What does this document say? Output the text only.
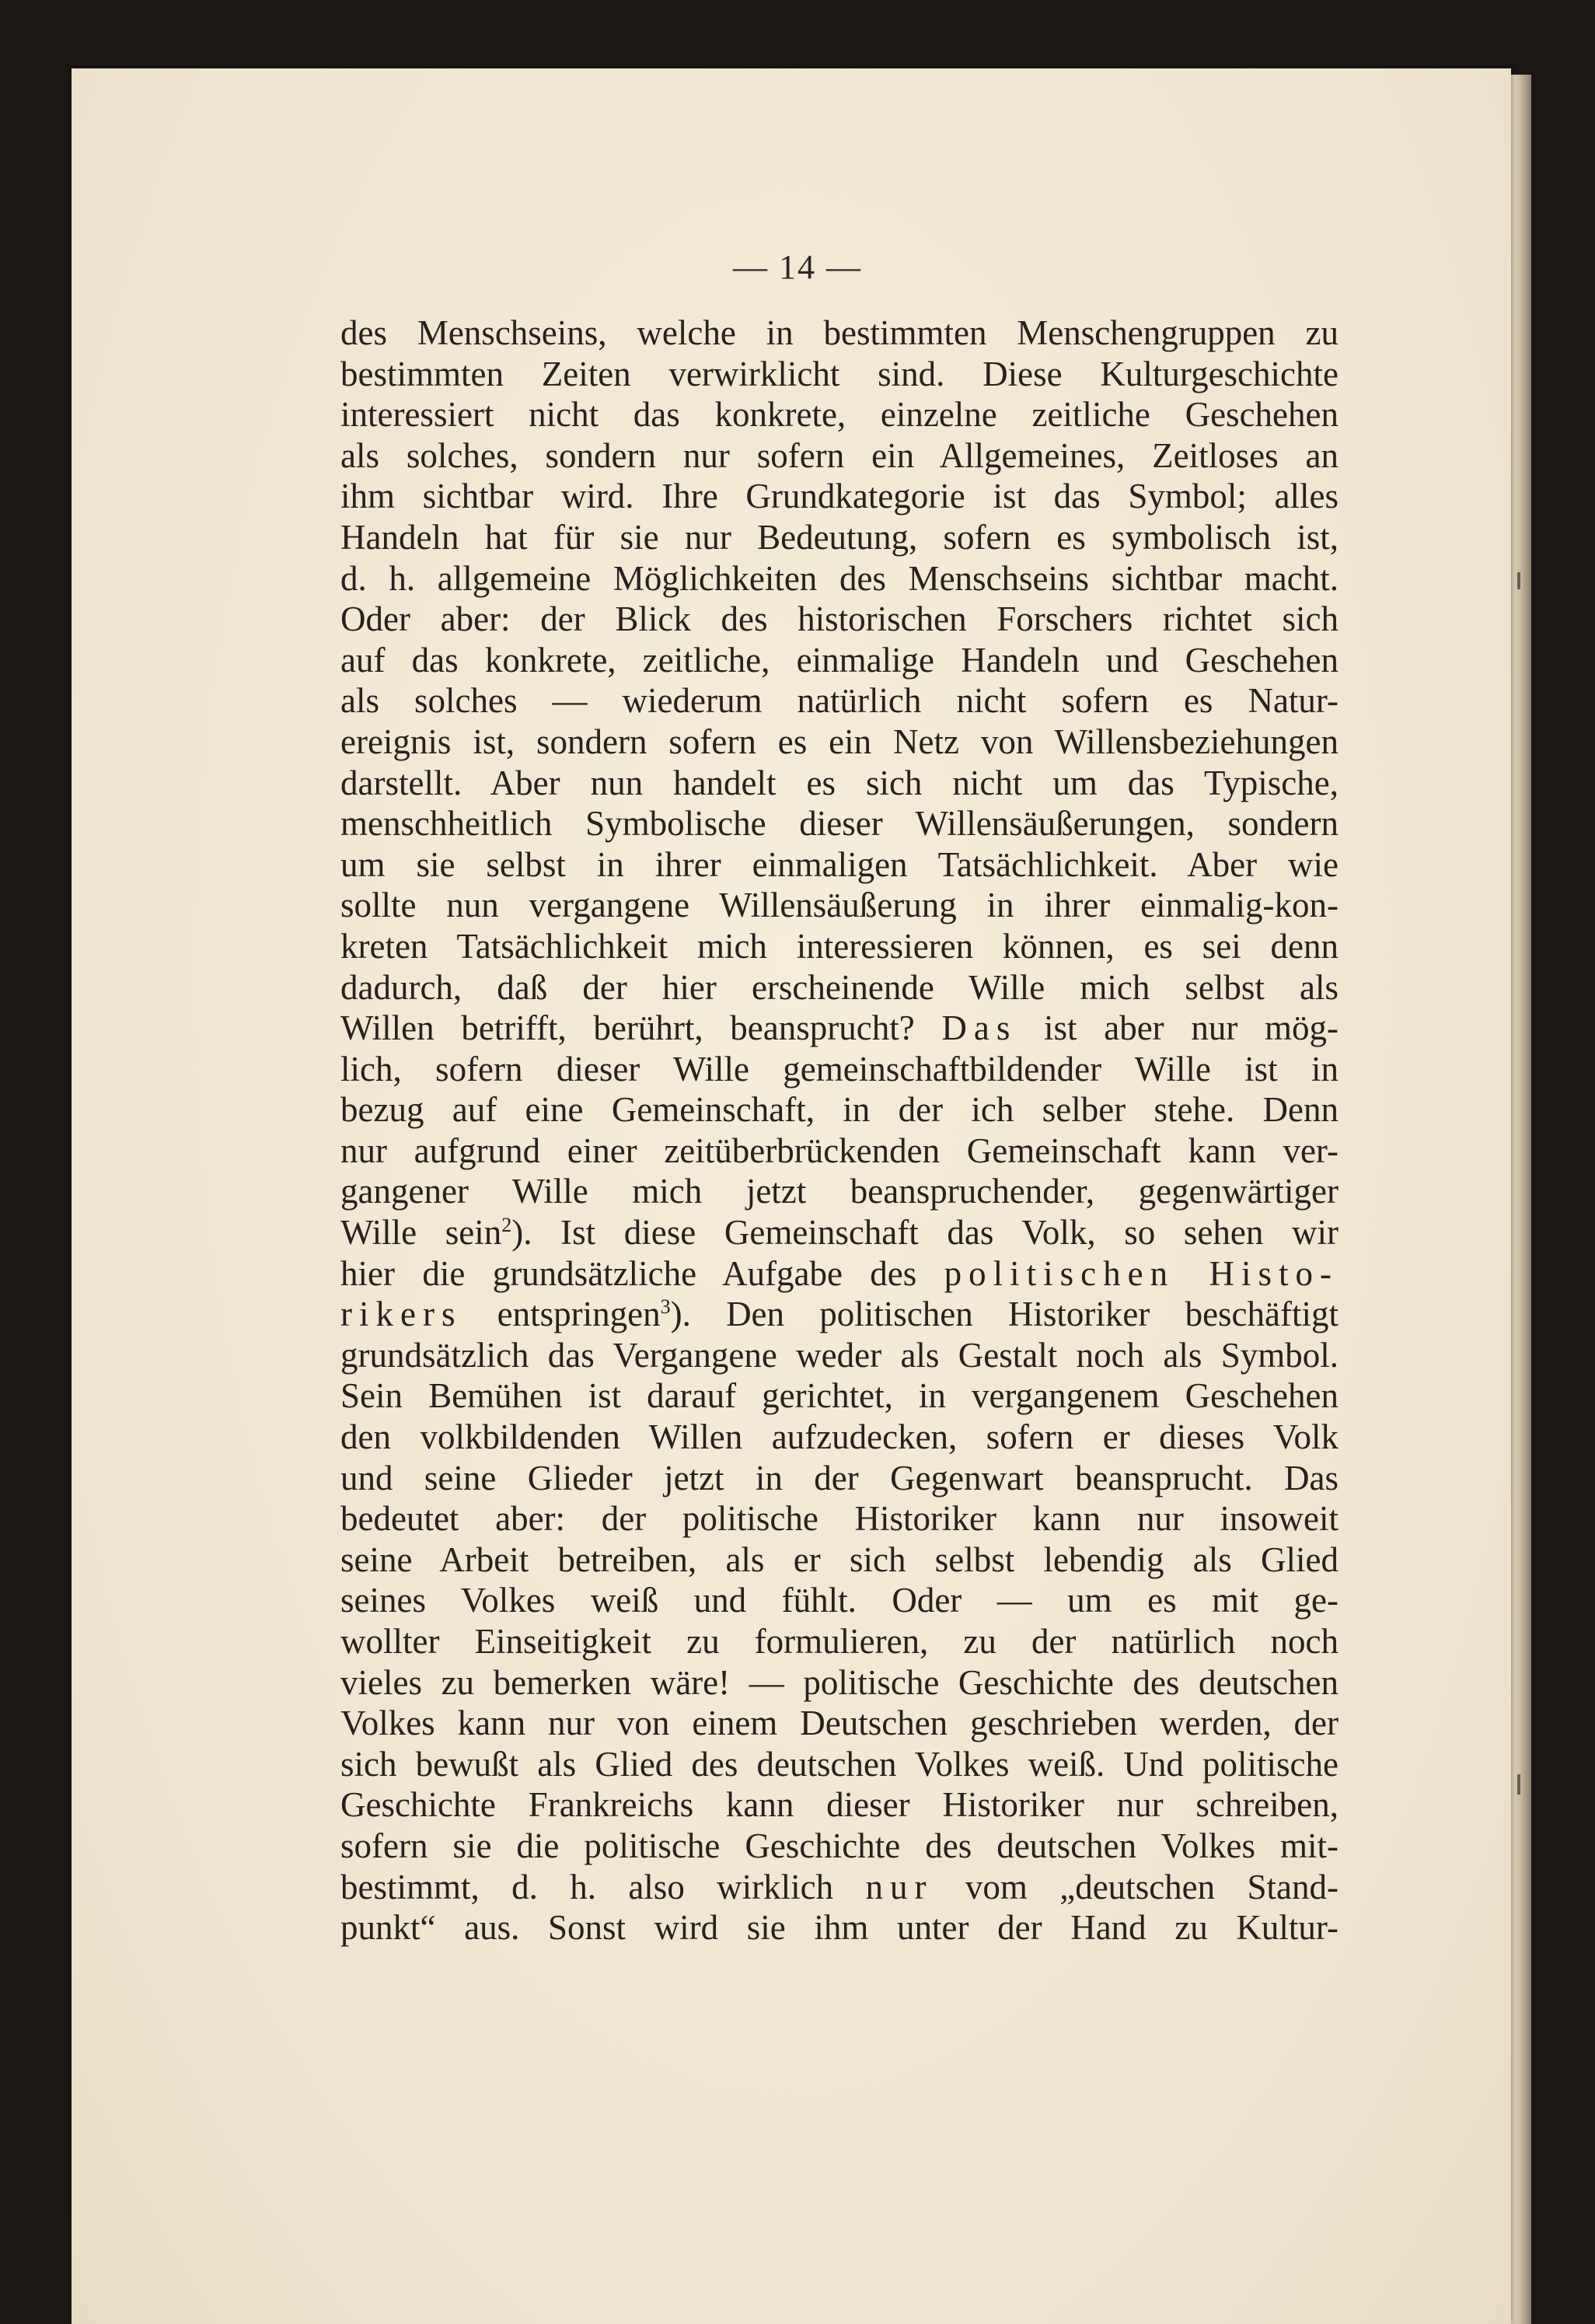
— 14 —
des Menschseins, welche in bestimmten Menschengruppen zu
bestimmten Zeiten verwirklicht sind. Diese Kulturgeschichte
interessiert nicht das konkrete, einzelne zeitliche Geschehen
als solches, sondern nur sofern ein Allgemeines, Zeitloses an
ihm sichtbar wird. Ihre Grundkategorie ist das Symbol; alles
Handeln hat für sie nur Bedeutung, sofern es symbolisch ist,
d. h. allgemeine Möglichkeiten des Menschseins sichtbar macht.
Oder aber: der Blick des historischen Forschers richtet sich
auf das konkrete, zeitliche, einmalige Handeln und Geschehen
als solches — wiederum natürlich nicht sofern es Natur-
ereignis ist, sondern sofern es ein Netz von Willensbeziehungen
darstellt. Aber nun handelt es sich nicht um das Typische,
menschheitlich Symbolische dieser Willensäußerungen, sondern
um sie selbst in ihrer einmaligen Tatsächlichkeit. Aber wie
sollte nun vergangene Willensäußerung in ihrer einmalig-kon-
kreten Tatsächlichkeit mich interessieren können, es sei denn
dadurch, daß der hier erscheinende Wille mich selbst als
Willen betrifft, berührt, beansprucht? Das ist aber nur mög-
lich, sofern dieser Wille gemeinschaftbildender Wille ist in
bezug auf eine Gemeinschaft, in der ich selber stehe. Denn
nur aufgrund einer zeitüberbrückenden Gemeinschaft kann ver-
gangener Wille mich jetzt beanspruchender, gegenwärtiger
Wille sein$^2$). Ist diese Gemeinschaft das Volk, so sehen wir
hier die grundsätzliche Aufgabe des politischen Histo-
rikers entspringen$^3$). Den politischen Historiker beschäftigt
grundsätzlich das Vergangene weder als Gestalt noch als Symbol.
Sein Bemühen ist darauf gerichtet, in vergangenem Geschehen
den volkbildenden Willen aufzudecken, sofern er dieses Volk
und seine Glieder jetzt in der Gegenwart beansprucht. Das
bedeutet aber: der politische Historiker kann nur insoweit
seine Arbeit betreiben, als er sich selbst lebendig als Glied
seines Volkes weiß und fühlt. Oder — um es mit ge-
wollter Einseitigkeit zu formulieren, zu der natürlich noch
vieles zu bemerken wäre! — politische Geschichte des deutschen
Volkes kann nur von einem Deutschen geschrieben werden, der
sich bewußt als Glied des deutschen Volkes weiß. Und politische
Geschichte Frankreichs kann dieser Historiker nur schreiben,
sofern sie die politische Geschichte des deutschen Volkes mit-
bestimmt, d. h. also wirklich nur vom „deutschen Stand-
punkt“ aus. Sonst wird sie ihm unter der Hand zu Kultur-
